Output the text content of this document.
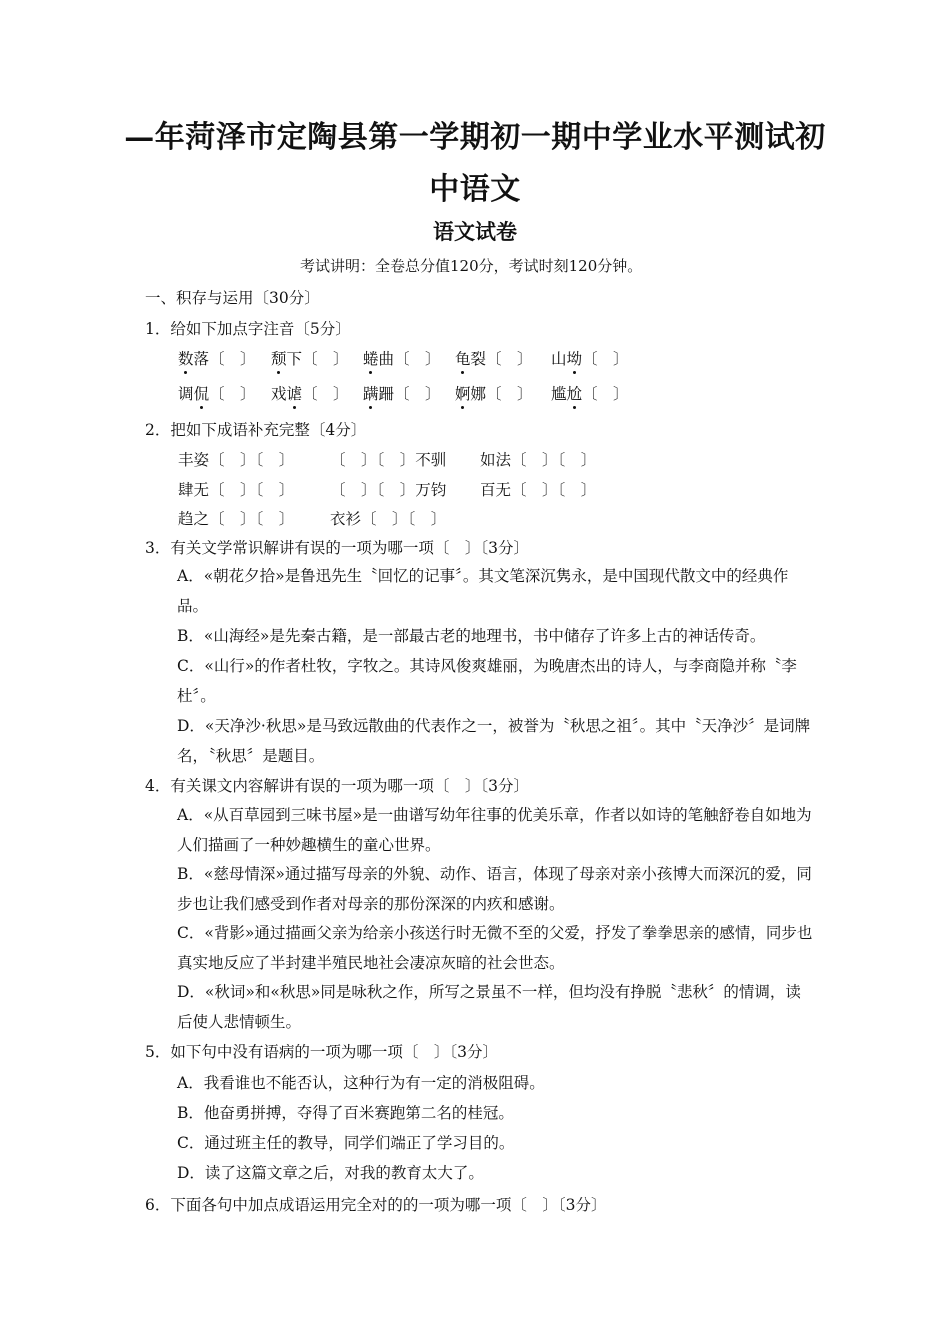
—年菏泽市定陶县第一学期初一期中学业水平测试初
中语文
语文试卷
考试讲明：全卷总分值120分，考试时刻120分钟。
一、积存与运用〔30分〕
1．给如下加点字注音〔5分〕
数落〔　〕 颓下〔　〕 蜷曲〔　〕 龟裂〔　〕 山坳〔　〕
调侃〔　〕 戏谑〔　〕 蹒跚〔　〕 婀娜〔　〕 尴尬〔　〕
2．把如下成语补充完整〔4分〕
丰姿〔　〕〔　〕 〔　〕〔　〕不驯 如法〔　〕〔　〕
肆无〔　〕〔　〕 〔　〕〔　〕万钧 百无〔　〕〔　〕
趋之〔　〕〔　〕 衣衫〔　〕〔　〕
3．有关文学常识解讲有误的一项为哪一项〔　〕〔3分〕
A．«朝花夕拾»是鲁迅先生〝回忆的记事〞。其文笔深沉隽永，是中国现代散文中的经典作品。
B．«山海经»是先秦古籍，是一部最古老的地理书，书中储存了许多上古的神话传奇。
C．«山行»的作者杜牧，字牧之。其诗风俊爽雄丽，为晚唐杰出的诗人，与李商隐并称〝李杜〞。
D．«天净沙·秋思»是马致远散曲的代表作之一，被誉为〝秋思之祖〞。其中〝天净沙〞是词牌名，〝秋思〞是题目。
4．有关课文内容解讲有误的一项为哪一项〔　〕〔3分〕
A．«从百草园到三味书屋»是一曲谱写幼年往事的优美乐章，作者以如诗的笔触舒卷自如地为人们描画了一种妙趣横生的童心世界。
B．«慈母情深»通过描写母亲的外貌、动作、语言，体现了母亲对亲小孩博大而深沉的爱，同步也让我们感受到作者对母亲的那份深深的内疚和感谢。
C．«背影»通过描画父亲为给亲小孩送行时无微不至的父爱，抒发了拳拳思亲的感情，同步也真实地反应了半封建半殖民地社会凄凉灰暗的社会世态。
D．«秋词»和«秋思»同是咏秋之作，所写之景虽不一样，但均没有挣脱〝悲秋〞的情调，读后使人悲情顿生。
5．如下句中没有语病的一项为哪一项〔　〕〔3分〕
A．我看谁也不能否认，这种行为有一定的消极阻碍。
B．他奋勇拼搏，夺得了百米赛跑第二名的桂冠。
C．通过班主任的教导，同学们端正了学习目的。
D．读了这篇文章之后，对我的教育太大了。
6．下面各句中加点成语运用完全对的的一项为哪一项〔　〕〔3分〕
